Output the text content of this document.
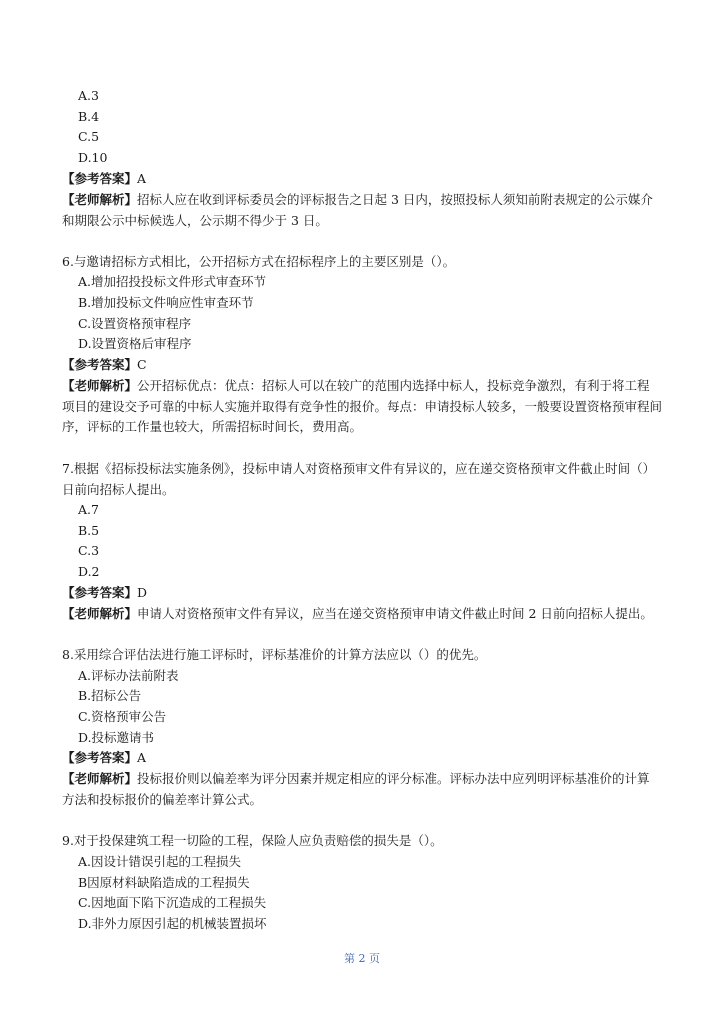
A.3
B.4
C.5
D.10
【参考答案】A
【老师解析】招标人应在收到评标委员会的评标报告之日起 3 日内，按照投标人须知前附表规定的公示媒介和期限公示中标候选人，公示期不得少于 3 日。
6.与邀请招标方式相比，公开招标方式在招标程序上的主要区别是（）。
A.增加招投投标文件形式审查环节
B.增加投标文件响应性审查环节
C.设置资格预审程序
D.设置资格后审程序
【参考答案】C
【老师解析】公开招标优点：优点：招标人可以在较广的范围内选择中标人，投标竞争激烈，有利于将工程项目的建设交予可靠的中标人实施并取得有竞争性的报价。每点：申请投标人较多，一般要设置资格预审程间序，评标的工作量也较大，所需招标时间长，费用高。
7.根据《招标投标法实施条例》，投标申请人对资格预审文件有异议的，应在递交资格预审文件截止时间（）日前向招标人提出。
A.7
B.5
C.3
D.2
【参考答案】D
【老师解析】申请人对资格预审文件有异议，应当在递交资格预审申请文件截止时间 2 日前向招标人提出。
8.采用综合评估法进行施工评标时，评标基准价的计算方法应以（）的优先。
A.评标办法前附表
B.招标公告
C.资格预审公告
D.投标邀请书
【参考答案】A
【老师解析】投标报价则以偏差率为评分因素并规定相应的评分标准。评标办法中应列明评标基准价的计算方法和投标报价的偏差率计算公式。
9.对于投保建筑工程一切险的工程，保险人应负责赔偿的损失是（）。
A.因设计错误引起的工程损失
B因原材料缺陷造成的工程损失
C.因地面下陷下沉造成的工程损失
D.非外力原因引起的机械装置损坏
第 2 页
